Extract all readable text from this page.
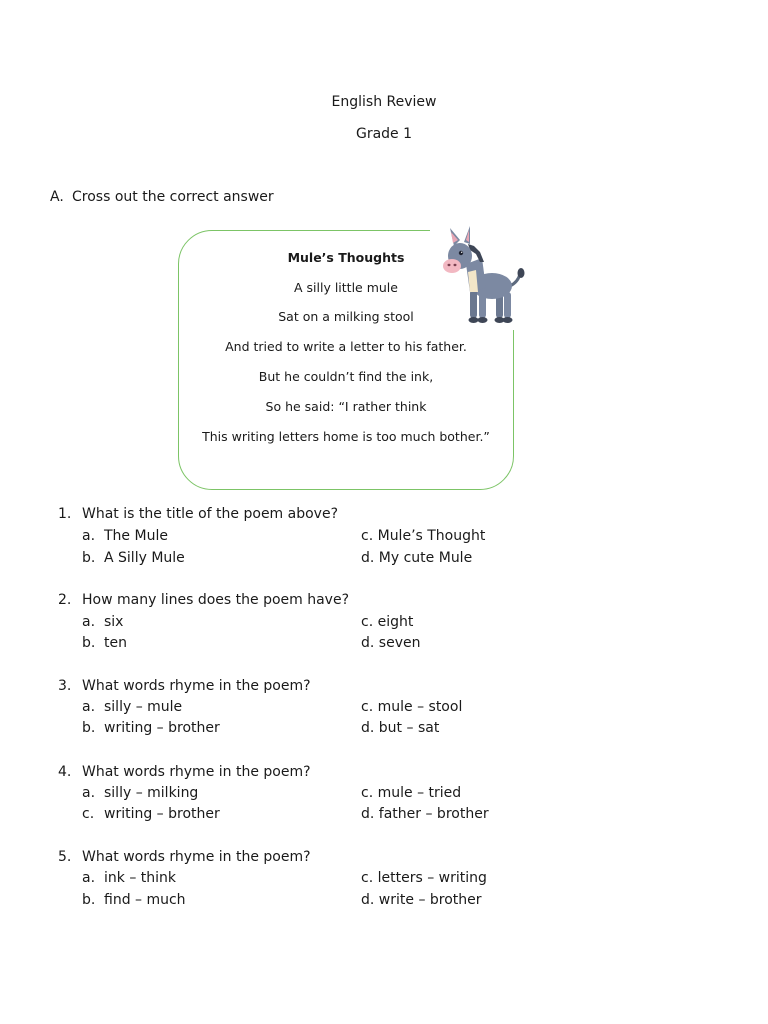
English Review
Grade 1
A. Cross out the correct answer
Mule’s Thoughts
A silly little mule
Sat on a milking stool
And tried to write a letter to his father.
But he couldn’t find the ink,
So he said: “I rather think
This writing letters home is too much bother.”
1. What is the title of the poem above?
a. The Mule	c. Mule’s Thought
b. A Silly Mule	d. My cute Mule
2. How many lines does the poem have?
a. six	c. eight
b. ten	d. seven
3. What words rhyme in the poem?
a. silly – mule	c. mule – stool
b. writing – brother	d. but – sat
4. What words rhyme in the poem?
a. silly – milking	c. mule – tried
c. writing – brother	d. father – brother
5. What words rhyme in the poem?
a. ink – think	c. letters – writing
b. find – much	d. write – brother
